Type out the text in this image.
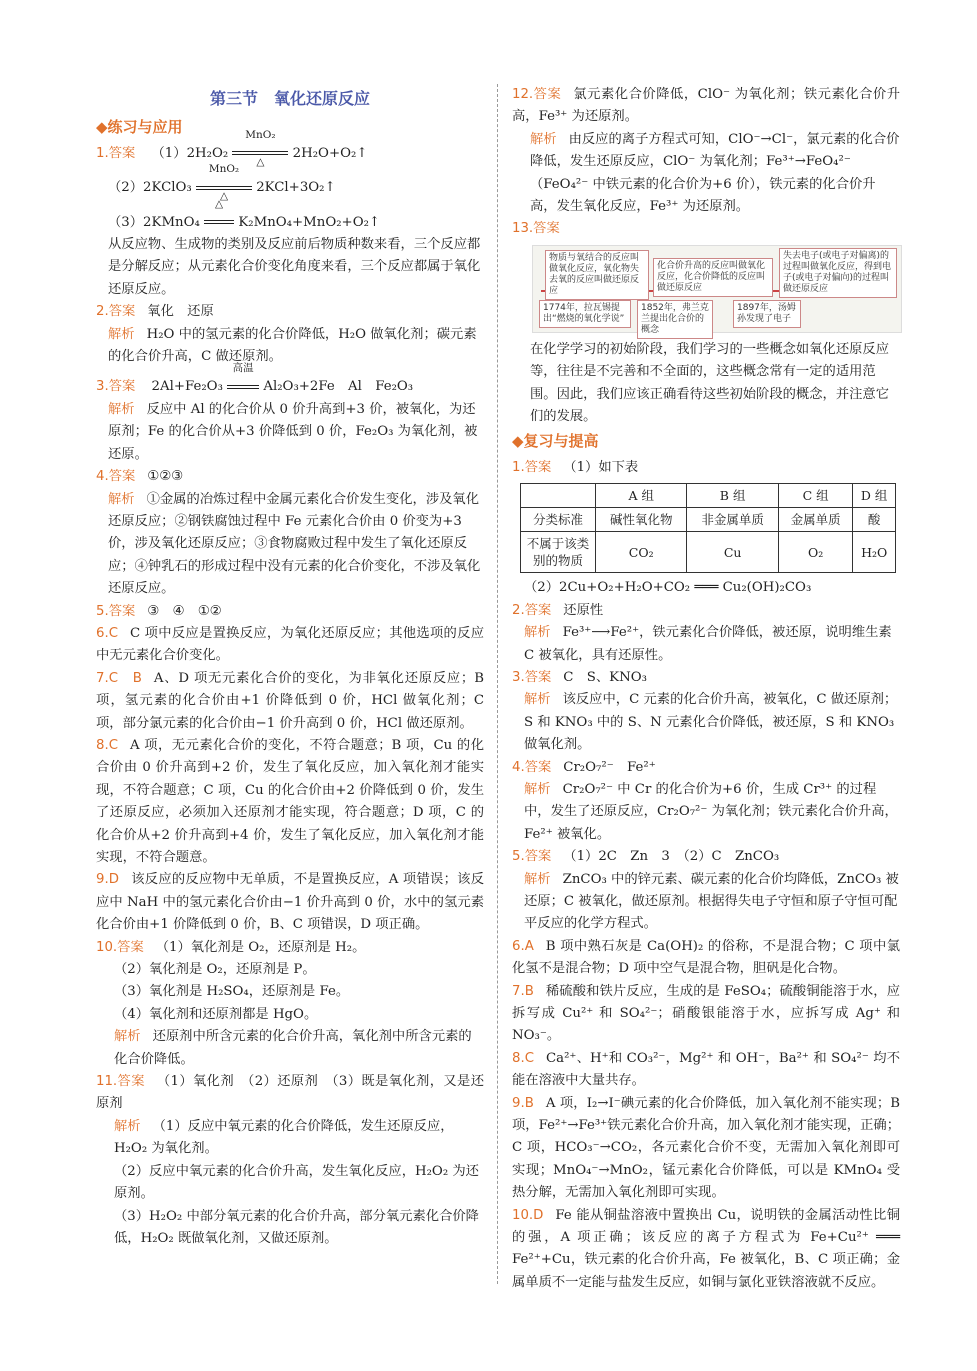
第三节　氧化还原反应
◆练习与应用
1.答案 （1）2H₂O₂
MnO₂
△
2H₂O+O₂↑
（2）2KClO₃
MnO₂
△
2KCl+3O₂↑
（3）2KMnO₄
△
K₂MnO₄+MnO₂+O₂↑
从反应物、生成物的类别及反应前后物质种数来看，三个反应都是分解反应；从元素化合价变化角度来看，三个反应都属于氧化还原反应。
2.答案 氧化　还原
解析 H₂O 中的氢元素的化合价降低，H₂O 做氧化剂；碳元素的化合价升高，C 做还原剂。
3.答案 2Al+Fe₂O₃
高温
Al₂O₃+2Fe　Al　Fe₂O₃
解析 反应中 Al 的化合价从 0 价升高到+3 价，被氧化，为还原剂；Fe 的化合价从+3 价降低到 0 价，Fe₂O₃ 为氧化剂，被还原。
4.答案 ①②③
解析 ①金属的冶炼过程中金属元素化合价发生变化，涉及氧化还原反应；②钢铁腐蚀过程中 Fe 元素化合价由 0 价变为+3 价，涉及氧化还原反应；③食物腐败过程中发生了氧化还原反应；④钟乳石的形成过程中没有元素的化合价变化，不涉及氧化还原反应。
5.答案 ③　④　①②
6.C C 项中反应是置换反应，为氧化还原反应；其他选项的反应中无元素化合价变化。
7.C　B A、D 项无元素化合价的变化，为非氧化还原反应；B 项，氢元素的化合价由+1 价降低到 0 价，HCl 做氧化剂；C 项，部分氯元素的化合价由−1 价升高到 0 价，HCl 做还原剂。
8.C A 项，无元素化合价的变化，不符合题意；B 项，Cu 的化合价由 0 价升高到+2 价，发生了氧化反应，加入氧化剂才能实现，不符合题意；C 项，Cu 的化合价由+2 价降低到 0 价，发生了还原反应，必须加入还原剂才能实现，符合题意；D 项，C 的化合价从+2 价升高到+4 价，发生了氧化反应，加入氧化剂才能实现，不符合题意。
9.D 该反应的反应物中无单质，不是置换反应，A 项错误；该反应中 NaH 中的氢元素化合价由−1 价升高到 0 价，水中的氢元素化合价由+1 价降低到 0 价，B、C 项错误，D 项正确。
10.答案 （1）氧化剂是 O₂，还原剂是 H₂。
（2）氧化剂是 O₂，还原剂是 P。
（3）氧化剂是 H₂SO₄，还原剂是 Fe。
（4）氧化剂和还原剂都是 HgO。
解析 还原剂中所含元素的化合价升高，氧化剂中所含元素的化合价降低。
11.答案 （1）氧化剂　（2）还原剂　（3）既是氧化剂，又是还原剂
解析 （1）反应中氧元素的化合价降低，发生还原反应，H₂O₂ 为氧化剂。
（2）反应中氧元素的化合价升高，发生氧化反应，H₂O₂ 为还原剂。
（3）H₂O₂ 中部分氧元素的化合价升高，部分氧元素化合价降低，H₂O₂ 既做氧化剂，又做还原剂。
12.答案 氯元素化合价降低，ClO⁻ 为氧化剂；铁元素化合价升高，Fe³⁺ 为还原剂。
解析 由反应的离子方程式可知，ClO⁻→Cl⁻，氯元素的化合价降低，发生还原反应，ClO⁻ 为氧化剂；Fe³⁺→FeO₄²⁻（FeO₄²⁻ 中铁元素的化合价为+6 价），铁元素的化合价升高，发生氧化反应，Fe³⁺ 为还原剂。
13.答案
物质与氧结合的反应叫做氧化反应，氧化物失去氧的反应叫做还原反应
化合价升高的反应叫做氧化反应，化合价降低的反应叫做还原反应
失去电子(或电子对偏离)的过程叫做氧化反应，得到电子(或电子对偏向)的过程叫做还原反应
1774年，拉瓦锡提出“燃烧的氧化学说”
1852年，弗兰克兰提出化合价的概念
1897年，汤姆孙发现了电子
在化学学习的初始阶段，我们学习的一些概念如氧化还原反应等，往往是不完善和不全面的，这些概念常有一定的适用范围。因此，我们应该正确看待这些初始阶段的概念，并注意它们的发展。
◆复习与提高
1.答案 （1）如下表
	A 组	B 组	C 组	D 组
分类标准	碱性氧化物	非金属单质	金属单质	酸
不属于该类别的物质	CO₂	Cu	O₂	H₂O
（2）2Cu+O₂+H₂O+CO₂ ═══ Cu₂(OH)₂CO₃
2.答案 还原性
解析 Fe³⁺⟶Fe²⁺，铁元素化合价降低，被还原，说明维生素 C 被氧化，具有还原性。
3.答案 C　S、KNO₃
解析 该反应中，C 元素的化合价升高，被氧化，C 做还原剂；S 和 KNO₃ 中的 S、N 元素化合价降低，被还原，S 和 KNO₃ 做氧化剂。
4.答案 Cr₂O₇²⁻　Fe²⁺
解析 Cr₂O₇²⁻ 中 Cr 的化合价为+6 价，生成 Cr³⁺ 的过程中，发生了还原反应，Cr₂O₇²⁻ 为氧化剂；铁元素化合价升高，Fe²⁺ 被氧化。
5.答案 （1）2C　Zn　3　（2）C　ZnCO₃
解析 ZnCO₃ 中的锌元素、碳元素的化合价均降低，ZnCO₃ 被还原；C 被氧化，做还原剂。根据得失电子守恒和原子守恒可配平反应的化学方程式。
6.A B 项中熟石灰是 Ca(OH)₂ 的俗称，不是混合物；C 项中氯化氢不是混合物；D 项中空气是混合物，胆矾是化合物。
7.B 稀硫酸和铁片反应，生成的是 FeSO₄；硫酸铜能溶于水，应拆写成 Cu²⁺ 和 SO₄²⁻；硝酸银能溶于水，应拆写成 Ag⁺ 和 NO₃⁻。
8.C Ca²⁺、H⁺和 CO₃²⁻，Mg²⁺ 和 OH⁻，Ba²⁺ 和 SO₄²⁻ 均不能在溶液中大量共存。
9.B A 项，I₂→I⁻碘元素的化合价降低，加入氧化剂不能实现；B 项，Fe²⁺→Fe³⁺铁元素化合价升高，加入氧化剂才能实现，正确；C 项，HCO₃⁻→CO₂，各元素化合价不变，无需加入氧化剂即可实现；MnO₄⁻→MnO₂，锰元素化合价降低，可以是 KMnO₄ 受热分解，无需加入氧化剂即可实现。
10.D Fe 能从铜盐溶液中置换出 Cu，说明铁的金属活动性比铜的强，A 项正确；该反应的离子方程式为 Fe+Cu²⁺ ═══ Fe²⁺+Cu，铁元素的化合价升高，Fe 被氧化，B、C 项正确；金属单质不一定能与盐发生反应，如铜与氯化亚铁溶液就不反应。
